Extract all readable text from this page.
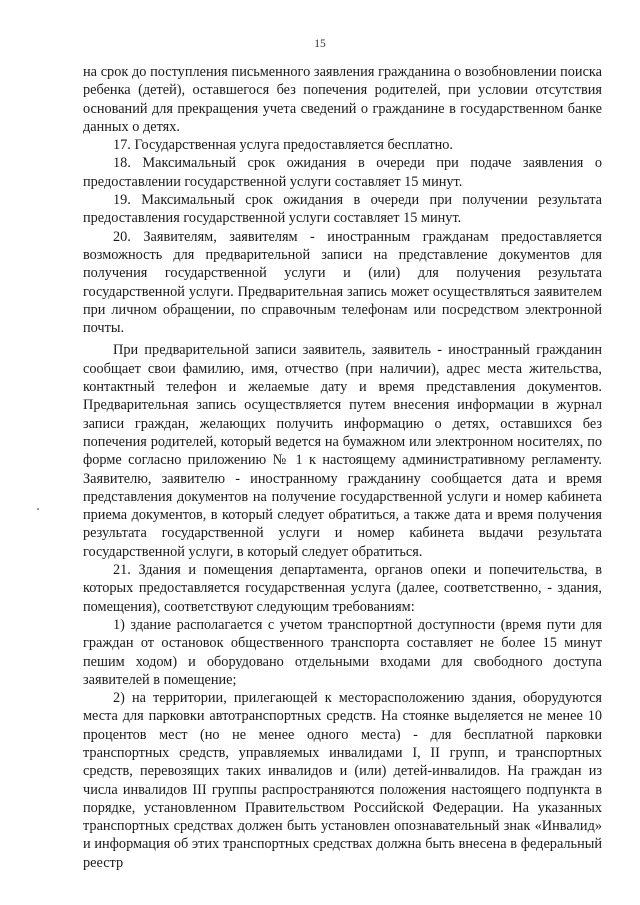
15

на срок до поступления письменного заявления гражданина о возобновлении поиска ребенка (детей), оставшегося без попечения родителей, при условии отсутствия оснований для прекращения учета сведений о гражданине в государственном банке данных о детях.

17. Государственная услуга предоставляется бесплатно.

18. Максимальный срок ожидания в очереди при подаче заявления о предоставлении государственной услуги составляет 15 минут.

19. Максимальный срок ожидания в очереди при получении результата предоставления государственной услуги составляет 15 минут.

20. Заявителям, заявителям - иностранным гражданам предоставляется возможность для предварительной записи на представление документов для получения государственной услуги и (или) для получения результата государственной услуги. Предварительная запись может осуществляться заявителем при личном обращении, по справочным телефонам или посредством электронной почты.

При предварительной записи заявитель, заявитель - иностранный гражданин сообщает свои фамилию, имя, отчество (при наличии), адрес места жительства, контактный телефон и желаемые дату и время представления документов. Предварительная запись осуществляется путем внесения информации в журнал записи граждан, желающих получить информацию о детях, оставшихся без попечения родителей, который ведется на бумажном или электронном носителях, по форме согласно приложению № 1 к настоящему административному регламенту. Заявителю, заявителю - иностранному гражданину сообщается дата и время представления документов на получение государственной услуги и номер кабинета приема документов, в который следует обратиться, а также дата и время получения результата государственной услуги и номер кабинета выдачи результата государственной услуги, в который следует обратиться.

21. Здания и помещения департамента, органов опеки и попечительства, в которых предоставляется государственная услуга (далее, соответственно, - здания, помещения), соответствуют следующим требованиям:

1) здание располагается с учетом транспортной доступности (время пути для граждан от остановок общественного транспорта составляет не более 15 минут пешим ходом) и оборудовано отдельными входами для свободного доступа заявителей в помещение;

2) на территории, прилегающей к месторасположению здания, оборудуются места для парковки автотранспортных средств. На стоянке выделяется не менее 10 процентов мест (но не менее одного места) - для бесплатной парковки транспортных средств, управляемых инвалидами I, II групп, и транспортных средств, перевозящих таких инвалидов и (или) детей-инвалидов. На граждан из числа инвалидов III группы распространяются положения настоящего подпункта в порядке, установленном Правительством Российской Федерации. На указанных транспортных средствах должен быть установлен опознавательный знак «Инвалид» и информация об этих транспортных средствах должна быть внесена в федеральный реестр
